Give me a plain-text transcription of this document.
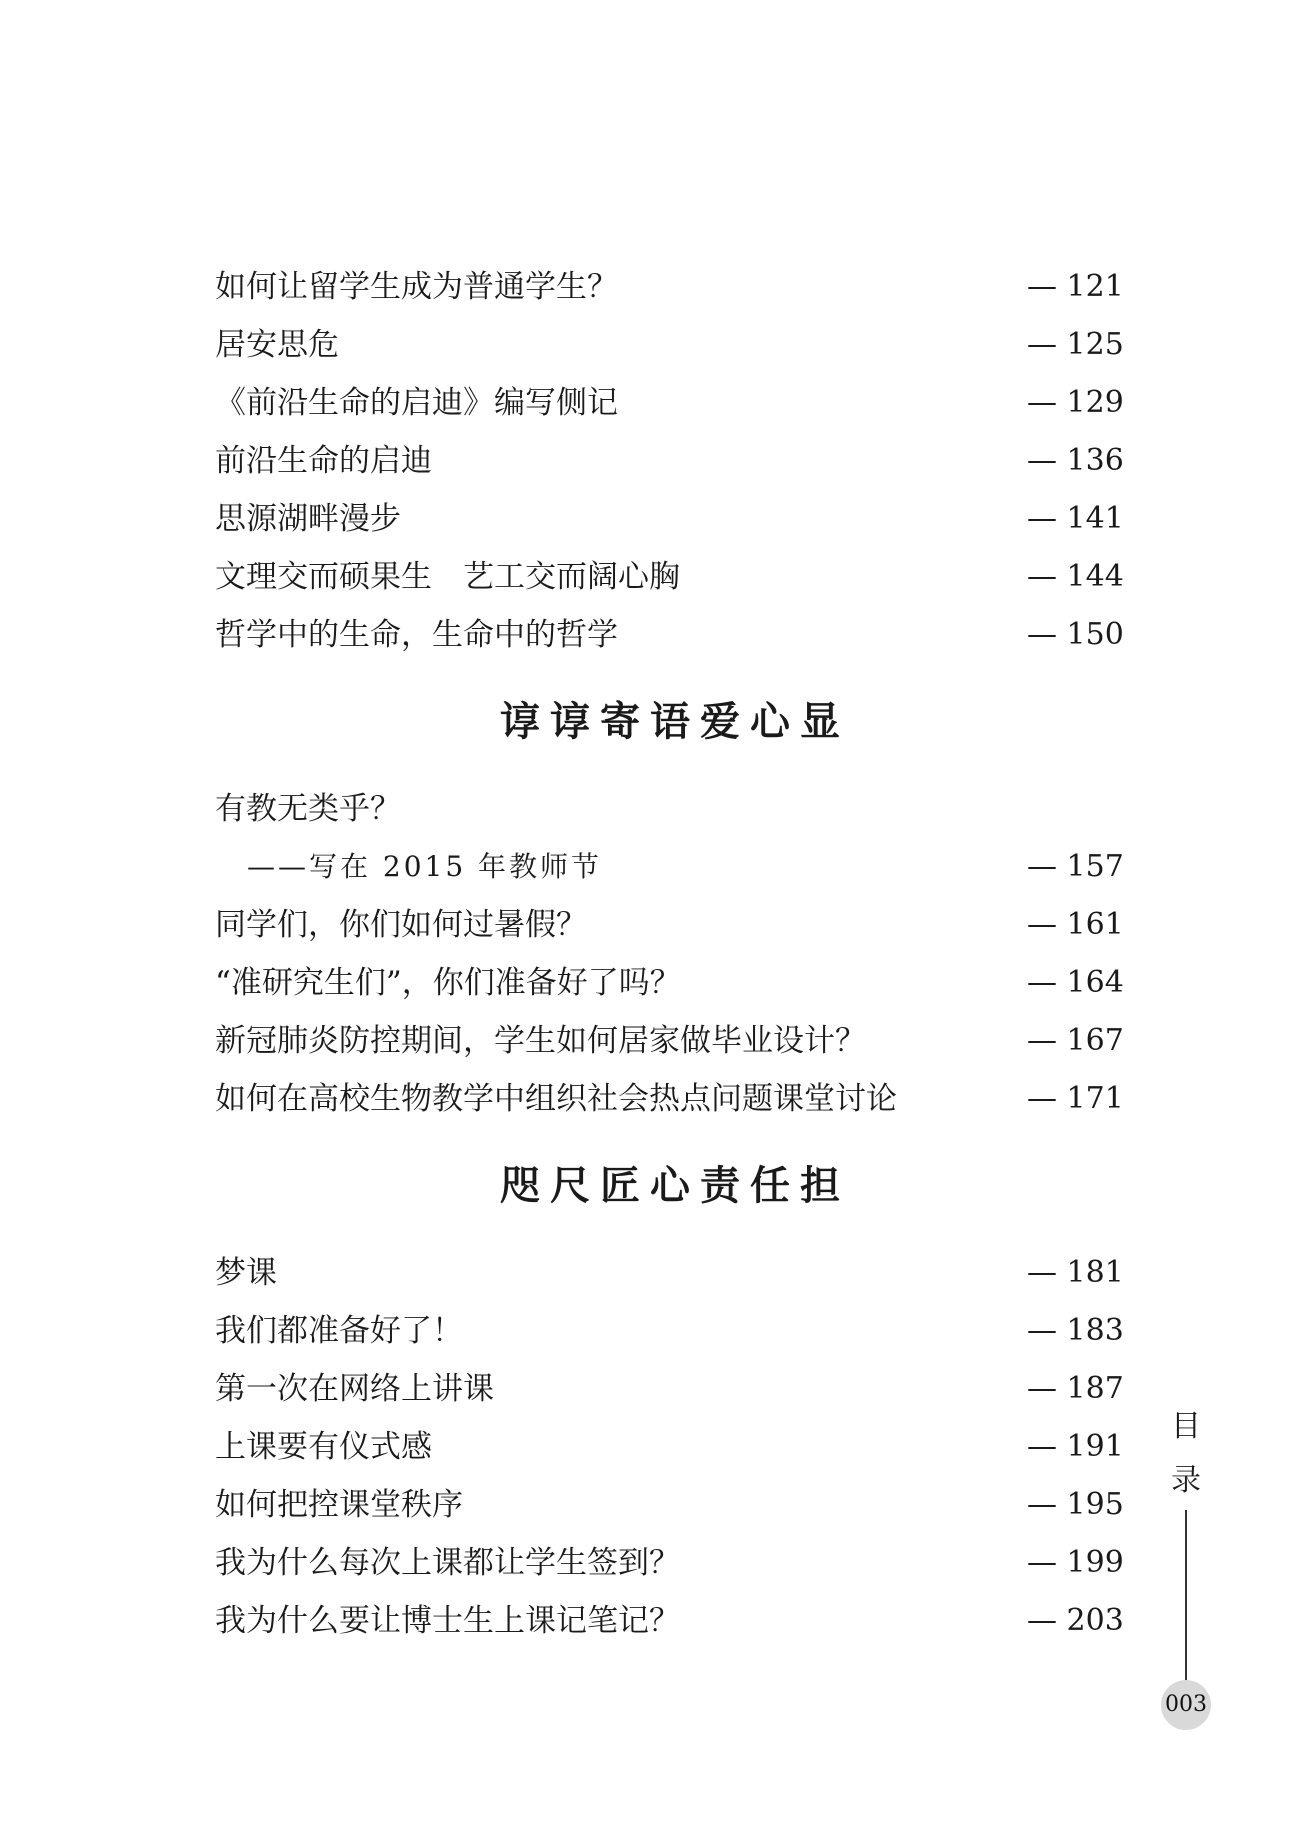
如何让留学生成为普通学生？	— 121
居安思危	— 125
《前沿生命的启迪》编写侧记	— 129
前沿生命的启迪	— 136
思源湖畔漫步	— 141
文理交而硕果生　艺工交而阔心胸	— 144
哲学中的生命，生命中的哲学	— 150
谆谆寄语爱心显
有教无类乎？
——写在 2015 年教师节	— 157
同学们，你们如何过暑假？	— 161
“准研究生们”，你们准备好了吗？	— 164
新冠肺炎防控期间，学生如何居家做毕业设计？	— 167
如何在高校生物教学中组织社会热点问题课堂讨论	— 171
咫尺匠心责任担
梦课	— 181
我们都准备好了！	— 183
第一次在网络上讲课	— 187
上课要有仪式感	— 191
如何把控课堂秩序	— 195
我为什么每次上课都让学生签到？	— 199
我为什么要让博士生上课记笔记？	— 203
目
录
003
